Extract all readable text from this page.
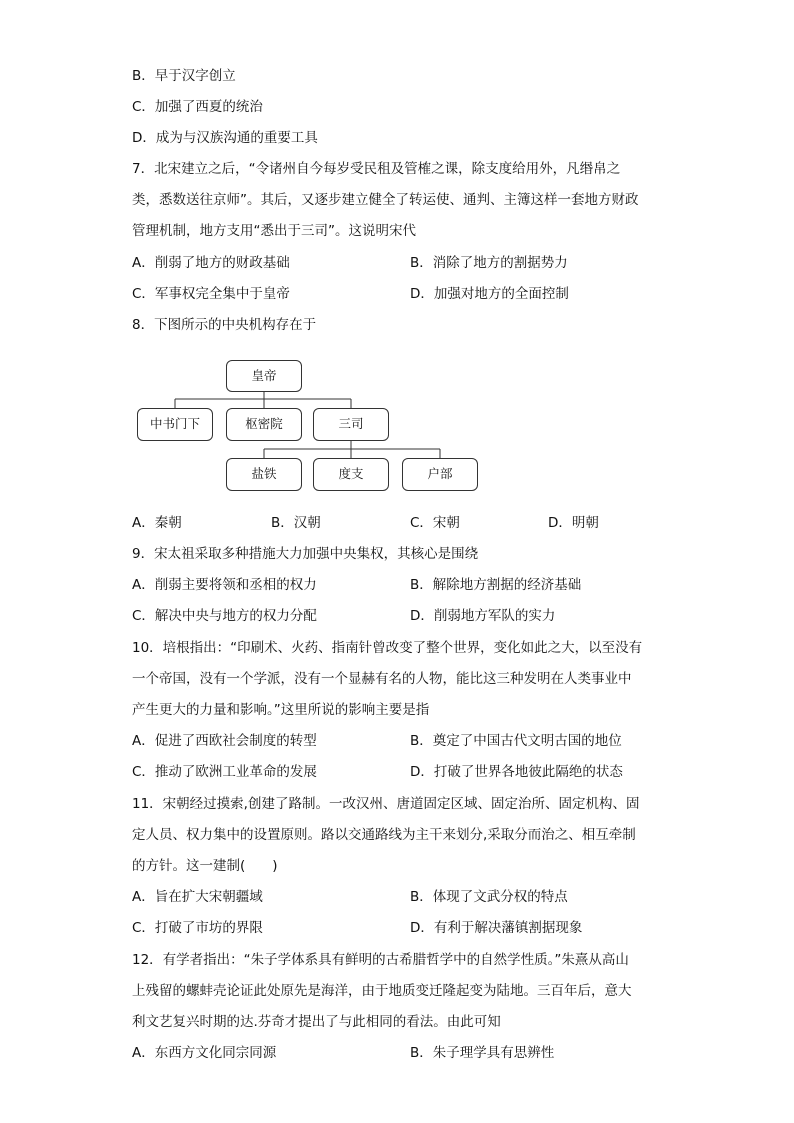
B．早于汉字创立
C．加强了西夏的统治
D．成为与汉族沟通的重要工具
7．北宋建立之后，“令诸州自今每岁受民租及管榷之课，除支度给用外，凡缗帛之
类，悉数送往京师”。其后，又逐步建立健全了转运使、通判、主簿这样一套地方财政
管理机制，地方支用“悉出于三司”。这说明宋代
A．削弱了地方的财政基础	B．消除了地方的割据势力
C．军事权完全集中于皇帝	D．加强对地方的全面控制
8．下图所示的中央机构存在于
皇帝
中书门下	枢密院	三司
盐铁	度支	户部
A．秦朝	B．汉朝	C．宋朝	D．明朝
9．宋太祖采取多种措施大力加强中央集权，其核心是围绕
A．削弱主要将领和丞相的权力	B．解除地方割据的经济基础
C．解决中央与地方的权力分配	D．削弱地方军队的实力
10．培根指出：“印刷术、火药、指南针曾改变了整个世界，变化如此之大，以至没有
一个帝国，没有一个学派，没有一个显赫有名的人物，能比这三种发明在人类事业中
产生更大的力量和影响。”这里所说的影响主要是指
A．促进了西欧社会制度的转型	B．奠定了中国古代文明古国的地位
C．推动了欧洲工业革命的发展	D．打破了世界各地彼此隔绝的状态
11．宋朝经过摸索,创建了路制。一改汉州、唐道固定区域、固定治所、固定机构、固
定人员、权力集中的设置原则。路以交通路线为主干来划分,采取分而治之、相互牵制
的方针。这一建制(　　)
A．旨在扩大宋朝疆域	B．体现了文武分权的特点
C．打破了市坊的界限	D．有利于解决藩镇割据现象
12．有学者指出：“朱子学体系具有鲜明的古希腊哲学中的自然学性质。”朱熹从高山
上残留的螺蚌壳论证此处原先是海洋，由于地质变迁隆起变为陆地。三百年后，意大
利文艺复兴时期的达.芬奇才提出了与此相同的看法。由此可知
A．东西方文化同宗同源	B．朱子理学具有思辨性
